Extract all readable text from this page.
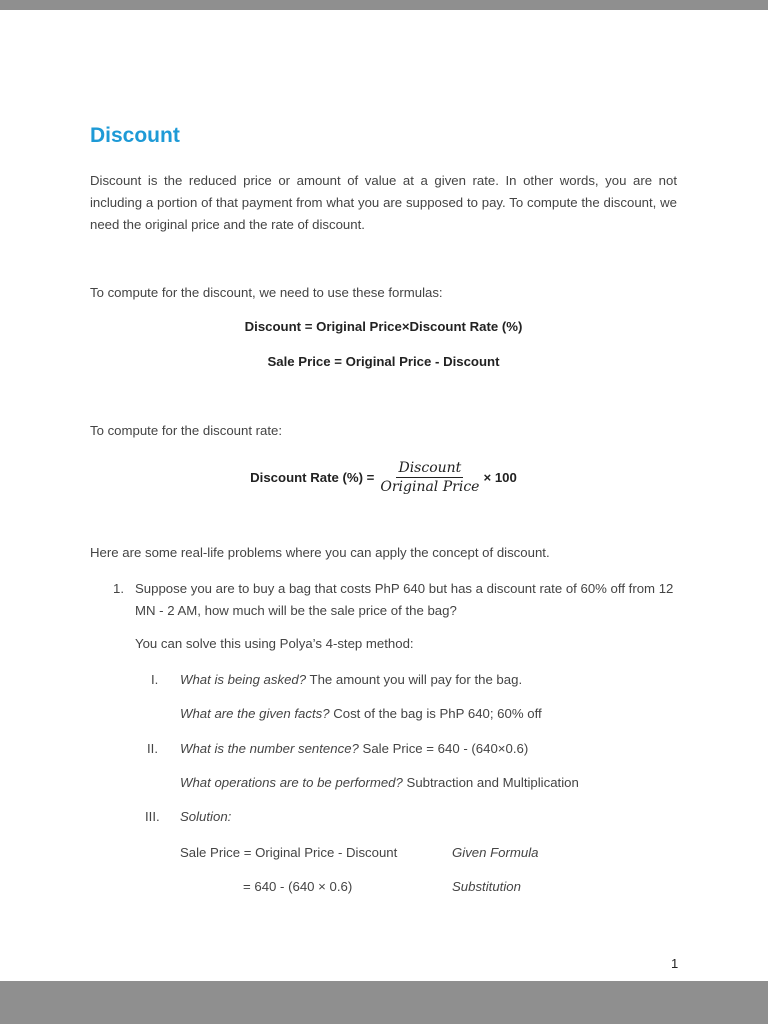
Discount

Discount is the reduced price or amount of value at a given rate. In other words, you are not including a portion of that payment from what you are supposed to pay. To compute the discount, we need the original price and the rate of discount.

To compute for the discount, we need to use these formulas:

Discount = Original Price×Discount Rate (%)

Sale Price = Original Price - Discount

To compute for the discount rate:

Discount Rate (%) = $\frac{\text{Discount}}{\text{Original Price}} \times 100$

Here are some real-life problems where you can apply the concept of discount.

1. Suppose you are to buy a bag that costs PhP 640 but has a discount rate of 60% off from 12 MN - 2 AM, how much will be the sale price of the bag?

You can solve this using Polya’s 4-step method:

I. What is being asked? The amount you will pay for the bag.

What are the given facts? Cost of the bag is PhP 640; 60% off

II. What is the number sentence? Sale Price = 640 - (640×0.6)

What operations are to be performed? Subtraction and Multiplication

III. Solution:

Sale Price = Original Price - Discount	Given Formula

= 640 - (640 × 0.6)	Substitution

1
